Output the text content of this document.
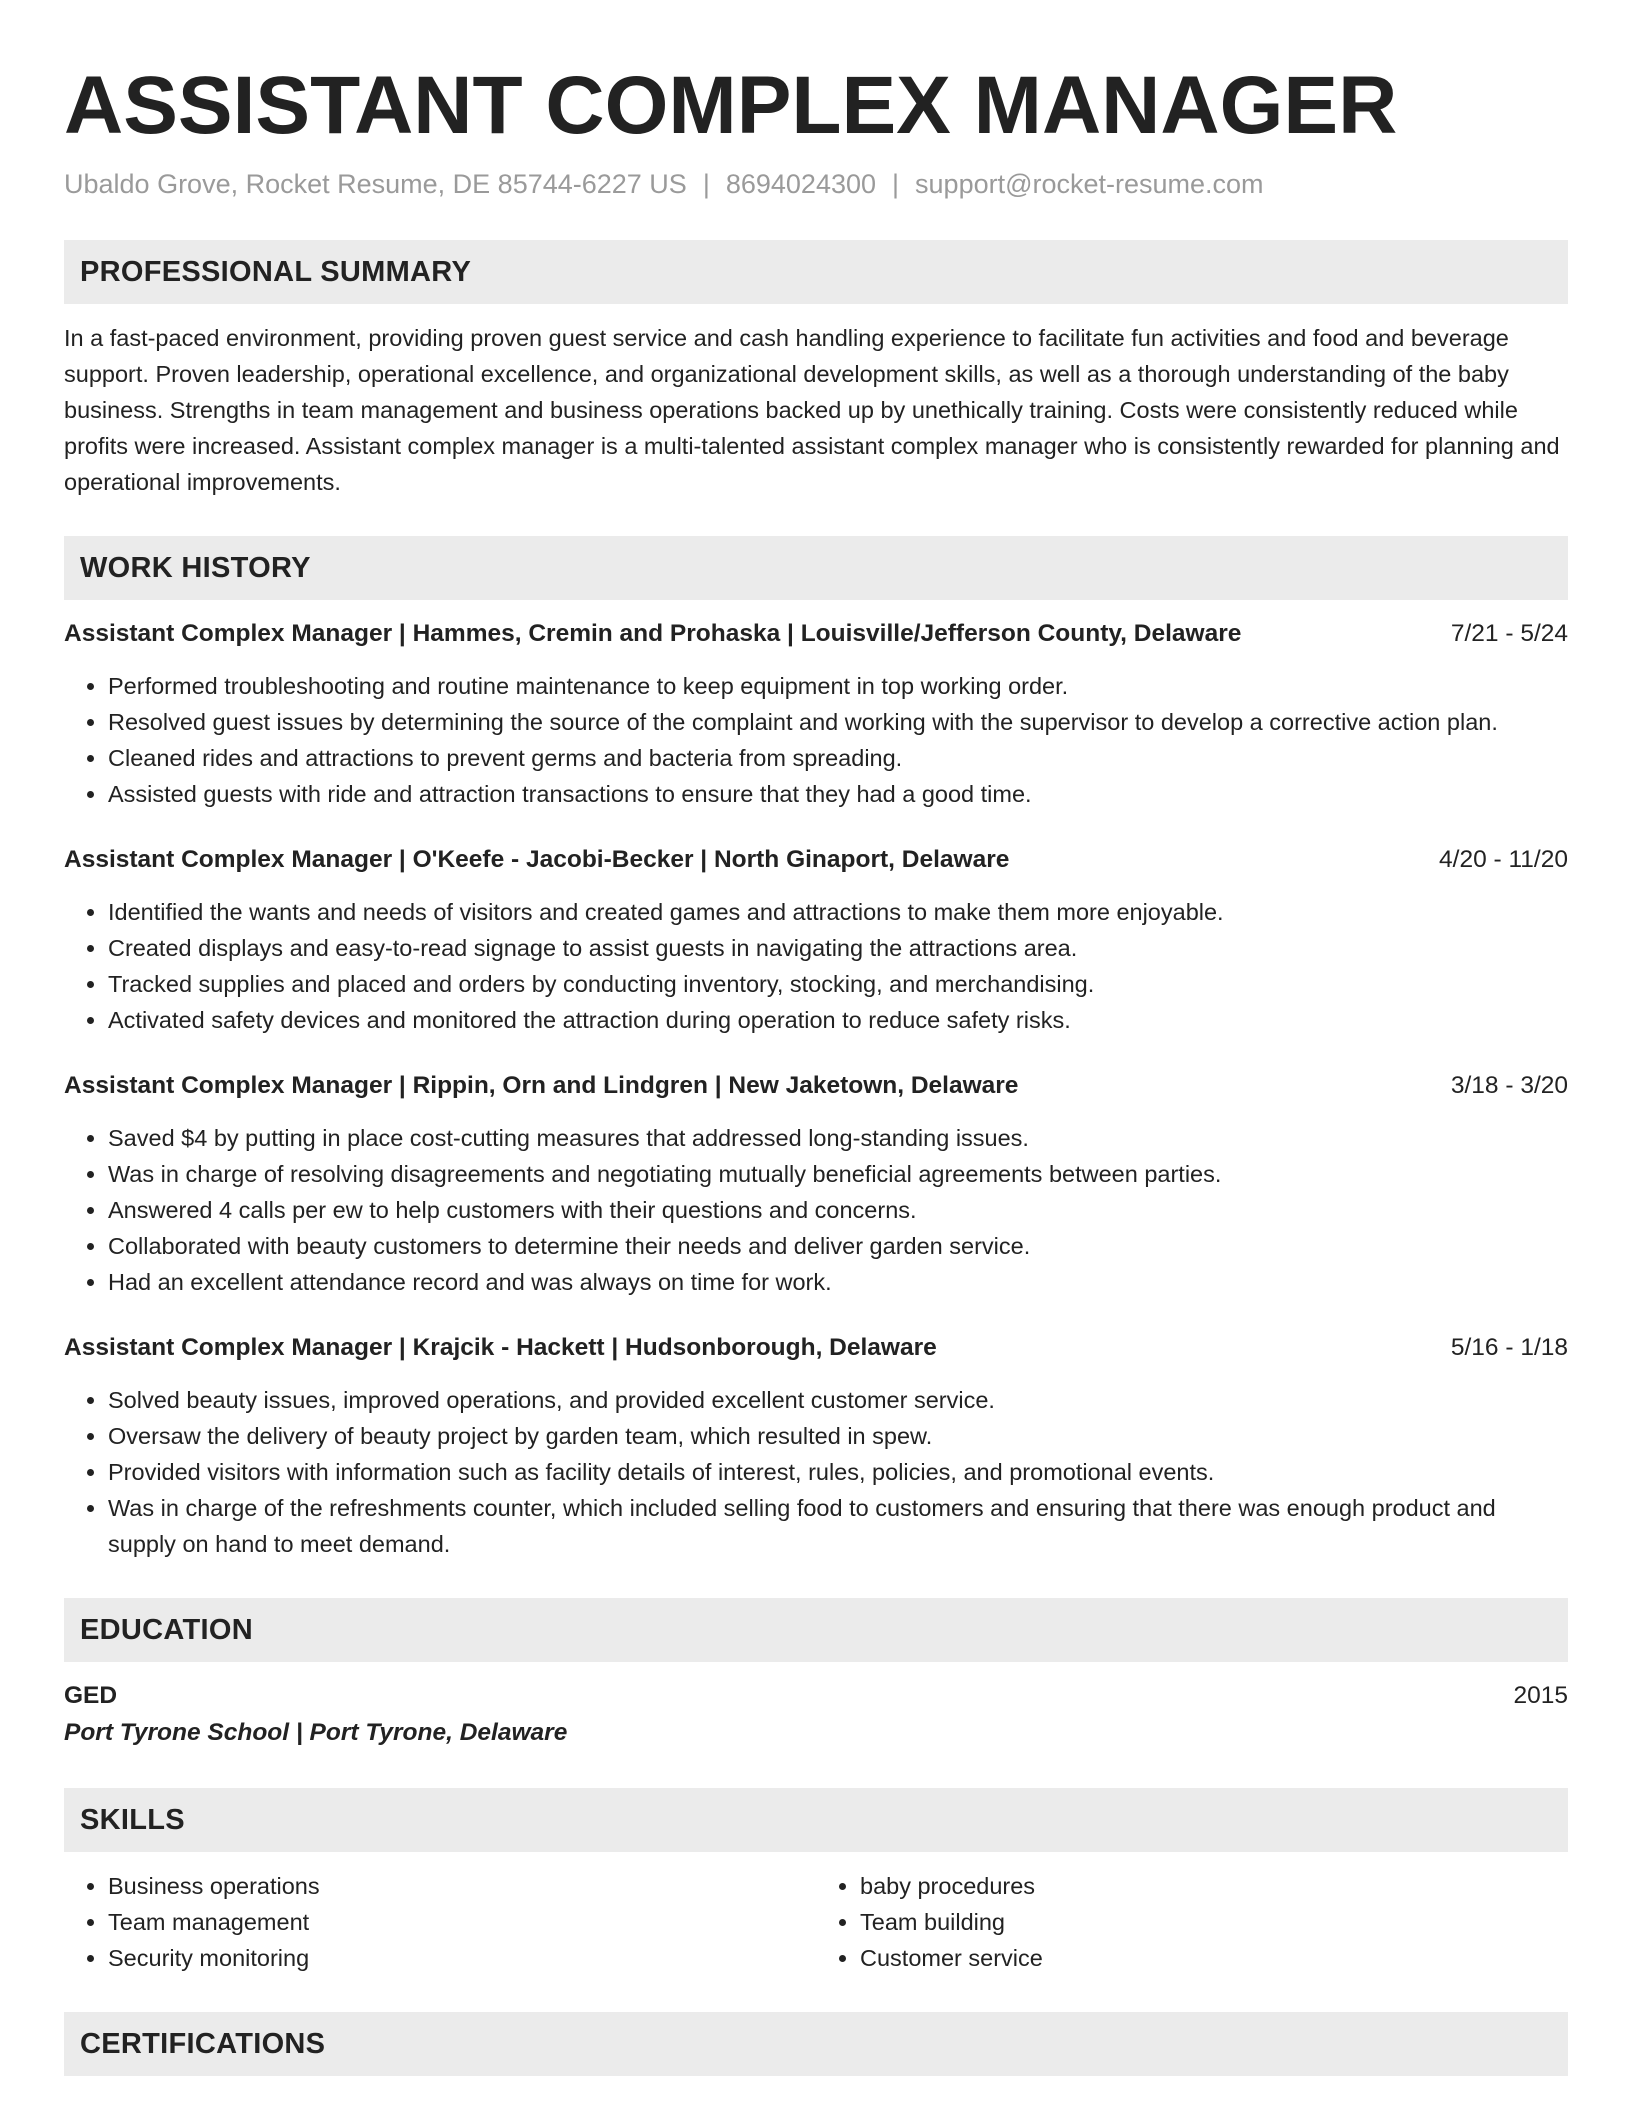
ASSISTANT COMPLEX MANAGER
Ubaldo Grove, Rocket Resume, DE 85744-6227 US | 8694024300 | support@rocket-resume.com
PROFESSIONAL SUMMARY
In a fast-paced environment, providing proven guest service and cash handling experience to facilitate fun activities and food and beverage support. Proven leadership, operational excellence, and organizational development skills, as well as a thorough understanding of the baby business. Strengths in team management and business operations backed up by unethically training. Costs were consistently reduced while profits were increased. Assistant complex manager is a multi-talented assistant complex manager who is consistently rewarded for planning and operational improvements.
WORK HISTORY
Assistant Complex Manager | Hammes, Cremin and Prohaska | Louisville/Jefferson County, Delaware	7/21 - 5/24
• Performed troubleshooting and routine maintenance to keep equipment in top working order.
• Resolved guest issues by determining the source of the complaint and working with the supervisor to develop a corrective action plan.
• Cleaned rides and attractions to prevent germs and bacteria from spreading.
• Assisted guests with ride and attraction transactions to ensure that they had a good time.
Assistant Complex Manager | O'Keefe - Jacobi-Becker | North Ginaport, Delaware	4/20 - 11/20
• Identified the wants and needs of visitors and created games and attractions to make them more enjoyable.
• Created displays and easy-to-read signage to assist guests in navigating the attractions area.
• Tracked supplies and placed and orders by conducting inventory, stocking, and merchandising.
• Activated safety devices and monitored the attraction during operation to reduce safety risks.
Assistant Complex Manager | Rippin, Orn and Lindgren | New Jaketown, Delaware	3/18 - 3/20
• Saved $4 by putting in place cost-cutting measures that addressed long-standing issues.
• Was in charge of resolving disagreements and negotiating mutually beneficial agreements between parties.
• Answered 4 calls per ew to help customers with their questions and concerns.
• Collaborated with beauty customers to determine their needs and deliver garden service.
• Had an excellent attendance record and was always on time for work.
Assistant Complex Manager | Krajcik - Hackett | Hudsonborough, Delaware	5/16 - 1/18
• Solved beauty issues, improved operations, and provided excellent customer service.
• Oversaw the delivery of beauty project by garden team, which resulted in spew.
• Provided visitors with information such as facility details of interest, rules, policies, and promotional events.
• Was in charge of the refreshments counter, which included selling food to customers and ensuring that there was enough product and supply on hand to meet demand.
EDUCATION
GED	2015
Port Tyrone School | Port Tyrone, Delaware
SKILLS
• Business operations
• Team management
• Security monitoring
• baby procedures
• Team building
• Customer service
CERTIFICATIONS
